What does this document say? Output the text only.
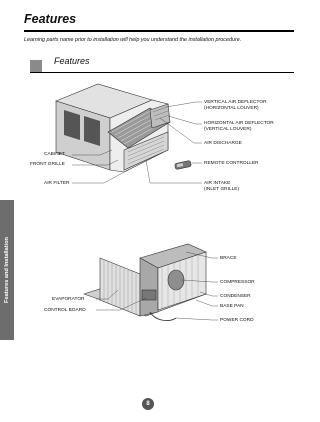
Features
Learning parts name prior to installation will help you understand the installation procedure.
Features
Features and Installation
VERTICAL AIR DEFLECTOR
(HORIZONTAL LOUVER)
HORIZONTAL AIR DEFLECTOR
(VERTICAL LOUVER)
AIR DISCHARGE
CABINET
REMOTE CONTROLLER
FRONT GRILLE
AIR FILTER	AIR INTAKE
(INLET GRILLE)
BRACE
COMPRESSOR
CONDENSER
EVAPORATOR
BASE PAN
CONTROL BOARD
POWER CORD
8
